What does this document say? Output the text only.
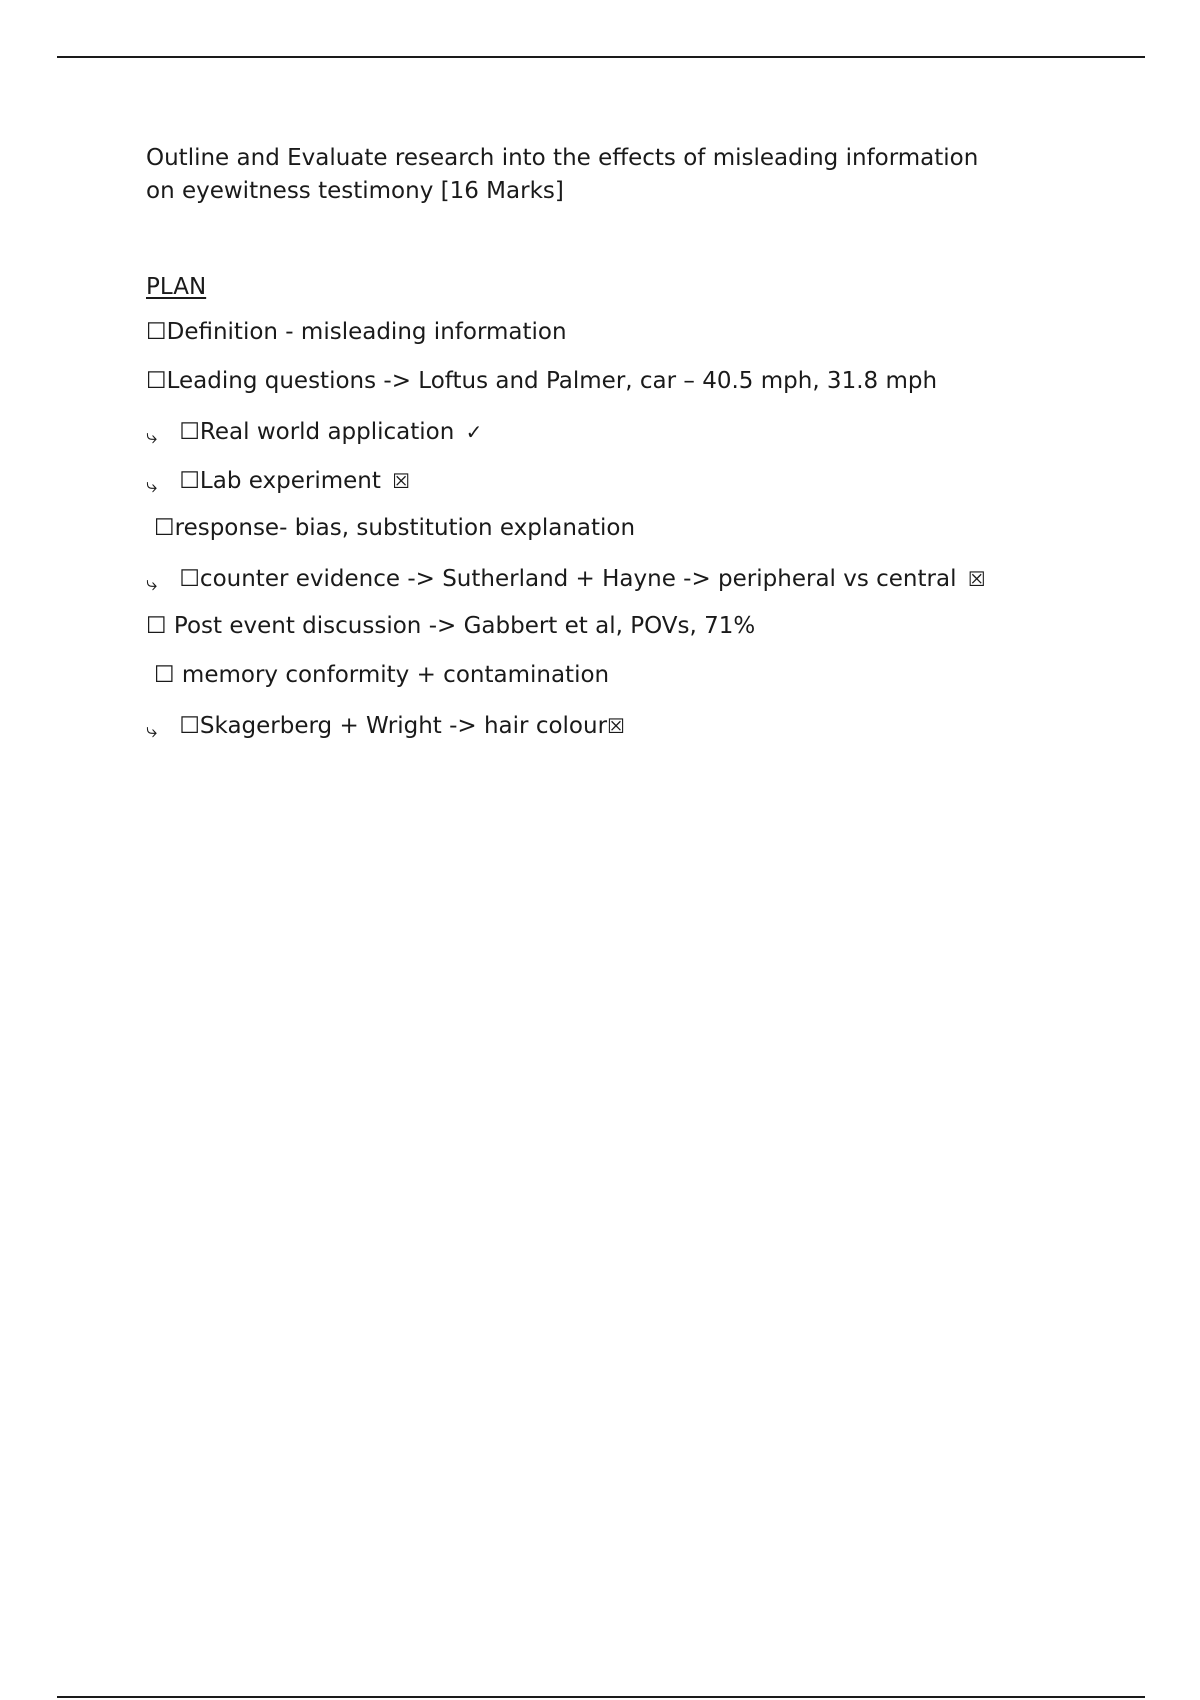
Outline and Evaluate research into the effects of misleading information
on eyewitness testimony [16 Marks]
PLAN
☐Definition - misleading information
☐Leading questions -> Loftus and Palmer, car – 40.5 mph, 31.8 mph
⤷ ☐Real world application ✓
⤷ ☐Lab experiment ☒
☐response- bias, substitution explanation
⤷ ☐counter evidence -> Sutherland + Hayne -> peripheral vs central ☒
☐ Post event discussion -> Gabbert et al, POVs, 71%
☐ memory conformity + contamination
⤷ ☐Skagerberg + Wright -> hair colour☒
